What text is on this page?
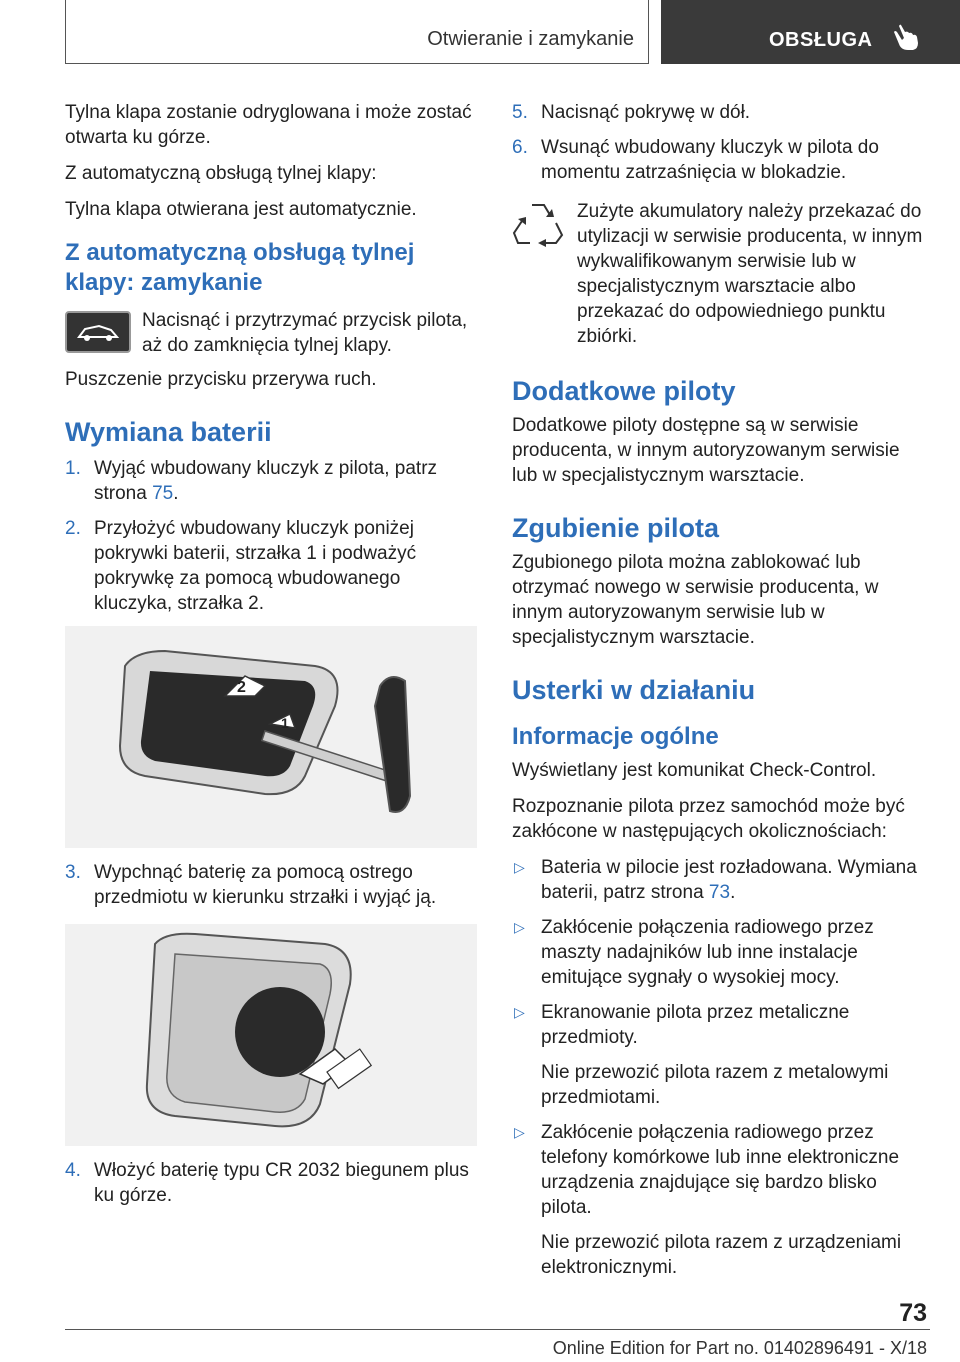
Otwieranie i zamykanie	OBSŁUGA

Tylna klapa zostanie odryglowana i może zostać otwarta ku górze.

Z automatyczną obsługą tylnej klapy:

Tylna klapa otwierana jest automatycznie.

Z automatyczną obsługą tylnej klapy: zamykanie

Nacisnąć i przytrzymać przycisk pilota, aż do zamknięcia tylnej klapy.

Puszczenie przycisku przerywa ruch.

Wymiana baterii
1. Wyjąć wbudowany kluczyk z pilota, patrz strona 75.
2. Przyłożyć wbudowany kluczyk poniżej pokrywki baterii, strzałka 1 i podważyć pokrywkę za pomocą wbudowanego kluczyka, strzałka 2.
2
1
3. Wypchnąć baterię za pomocą ostrego przedmiotu w kierunku strzałki i wyjąć ją.
4. Włożyć baterię typu CR 2032 biegunem plus ku górze.
5. Nacisnąć pokrywę w dół.
6. Wsunąć wbudowany kluczyk w pilota do momentu zatrzaśnięcia w blokadzie.

Zużyte akumulatory należy przekazać do utylizacji w serwisie producenta, w innym wykwalifikowanym serwisie lub w specjalistycznym warsztacie albo przekazać do odpowiedniego punktu zbiórki.

Dodatkowe piloty

Dodatkowe piloty dostępne są w serwisie producenta, w innym autoryzowanym serwisie lub w specjalistycznym warsztacie.

Zgubienie pilota

Zgubionego pilota można zablokować lub otrzymać nowego w serwisie producenta, w innym autoryzowanym serwisie lub w specjalistycznym warsztacie.

Usterki w działaniu
Informacje ogólne

Wyświetlany jest komunikat Check-Control.

Rozpoznanie pilota przez samochód może być zakłócone w następujących okolicznościach:

▷ Bateria w pilocie jest rozładowana. Wymiana baterii, patrz strona 73.
▷ Zakłócenie połączenia radiowego przez maszty nadajników lub inne instalacje emitujące sygnały o wysokiej mocy.
▷ Ekranowanie pilota przez metaliczne przedmioty.
Nie przewozić pilota razem z metalowymi przedmiotami.
▷ Zakłócenie połączenia radiowego przez telefony komórkowe lub inne elektroniczne urządzenia znajdujące się bardzo blisko pilota.
Nie przewozić pilota razem z urządzeniami elektronicznymi.
73
Online Edition for Part no. 01402896491 - X/18
